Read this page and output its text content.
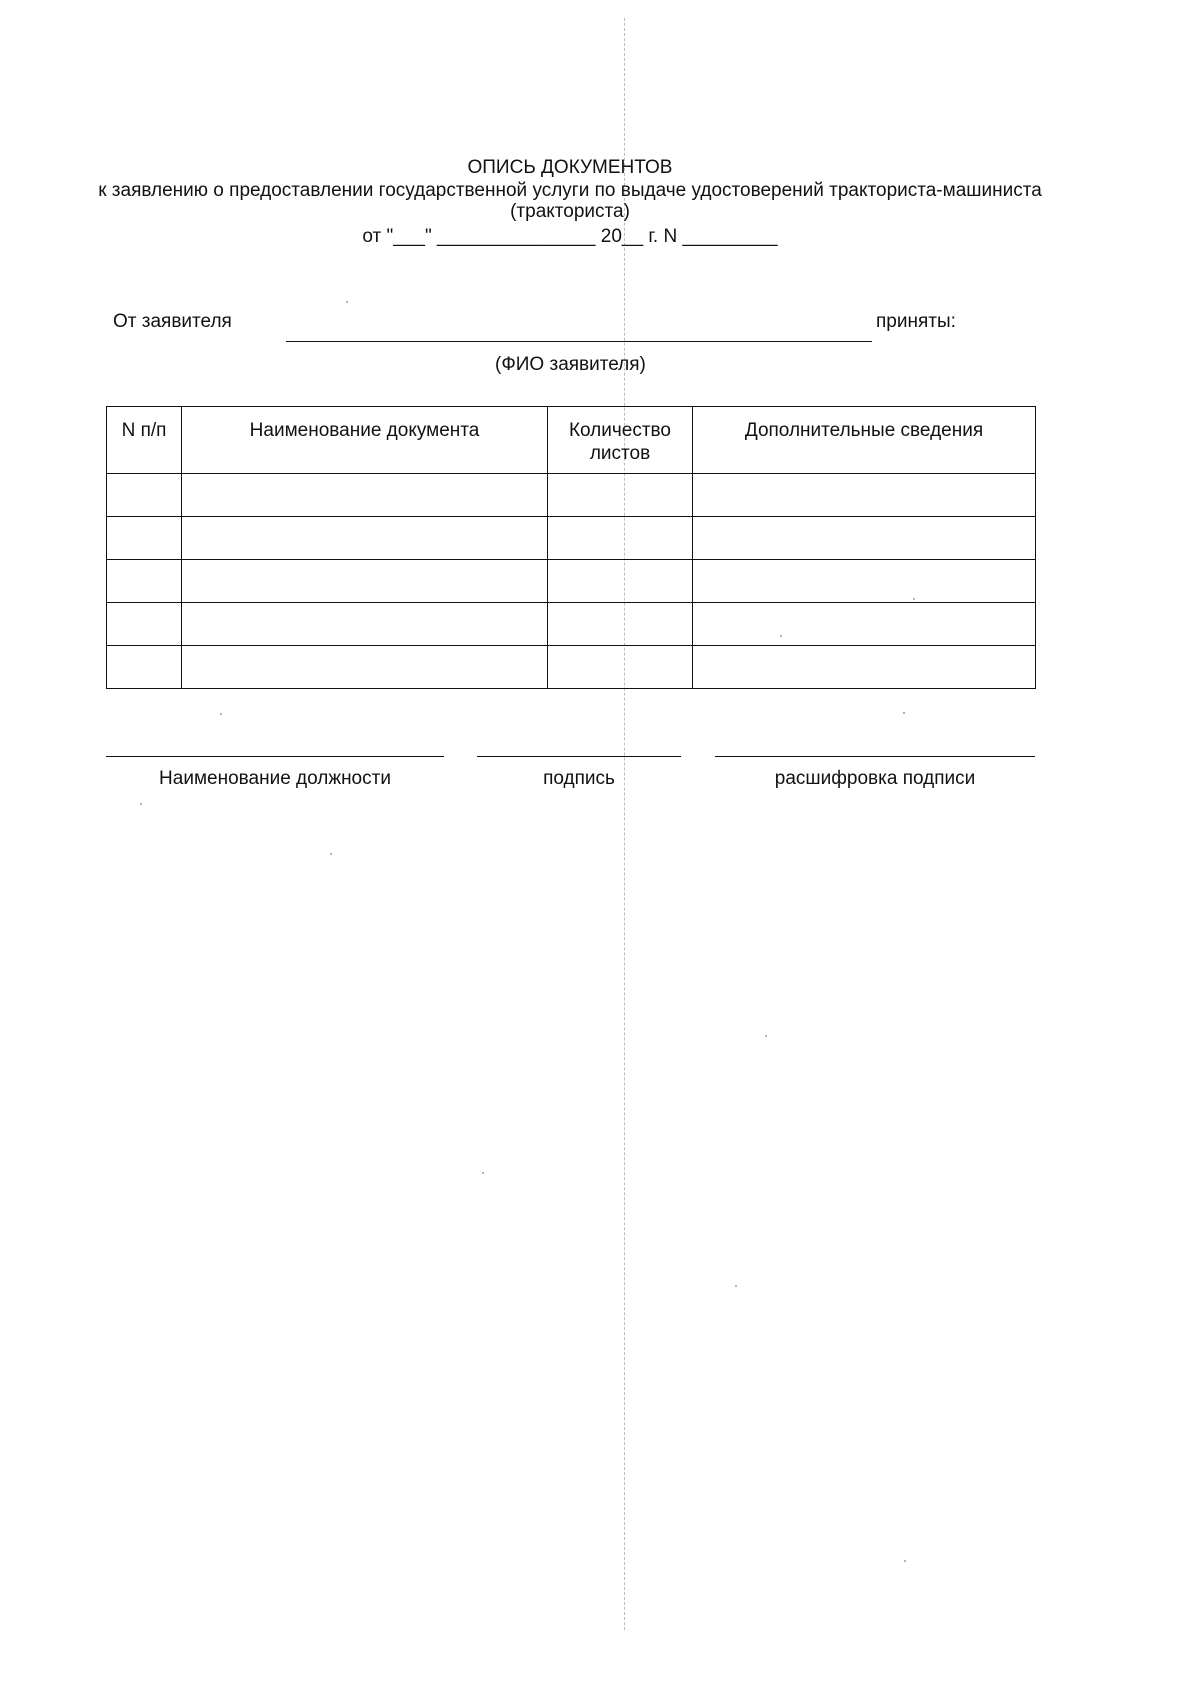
ОПИСЬ ДОКУМЕНТОВ
к заявлению о предоставлении государственной услуги по выдаче удостоверений тракториста-машиниста (тракториста)
от "___" _______________ 20__ г. N _________
От заявителя	приняты:
(ФИО заявителя)
N п/п	Наименование документа	Количество листов	Дополнительные сведения

Наименование должности	подпись	расшифровка подписи
